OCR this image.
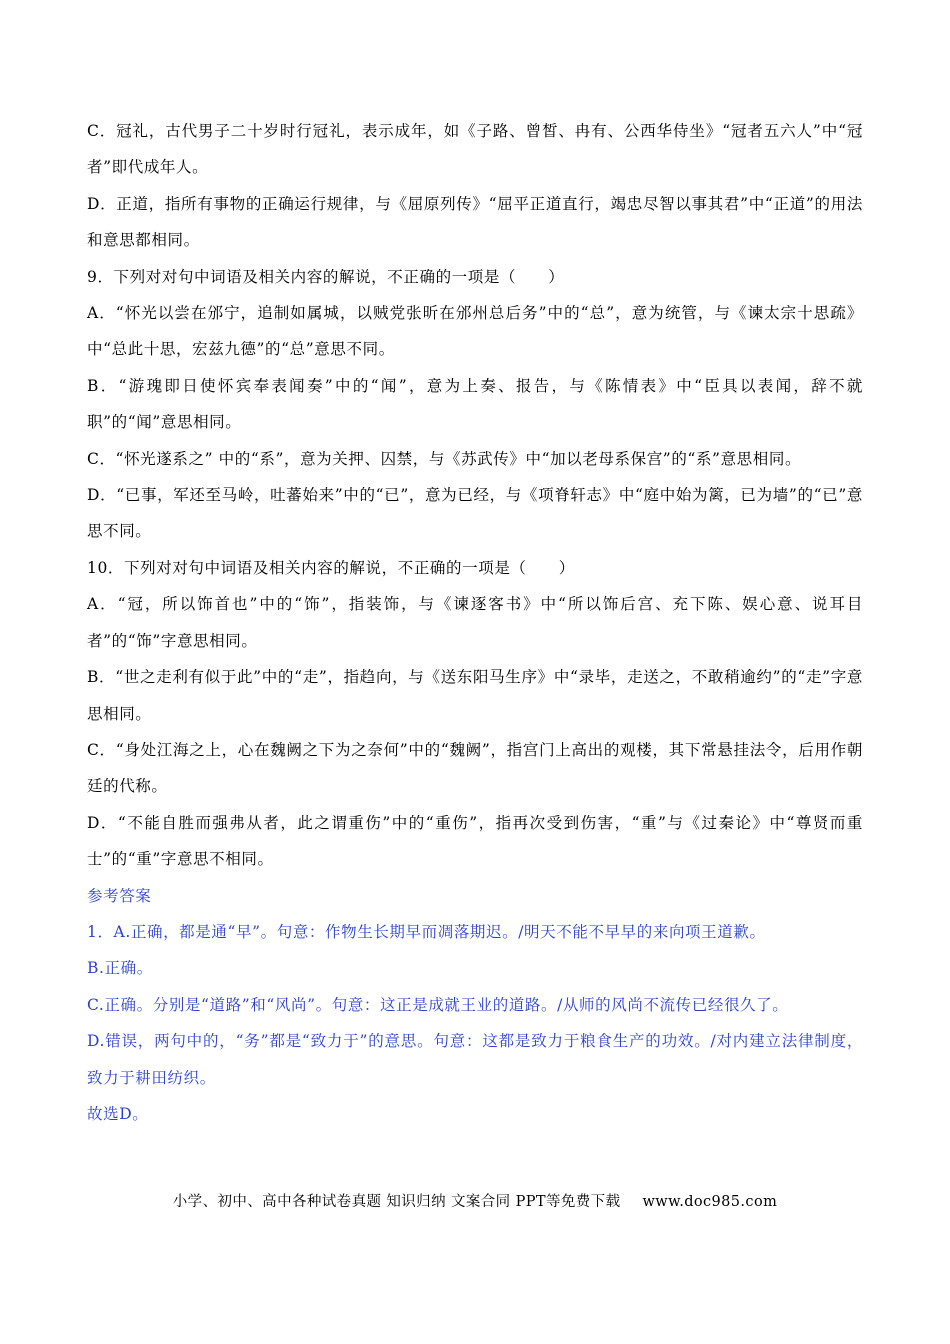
C．冠礼，古代男子二十岁时行冠礼，表示成年，如《子路、曾皙、冉有、公西华侍坐》“冠者五六人”中“冠者”即代成年人。

D．正道，指所有事物的正确运行规律，与《屈原列传》“屈平正道直行，竭忠尽智以事其君”中“正道”的用法和意思都相同。

9．下列对对句中词语及相关内容的解说，不正确的一项是（　　）

A．“怀光以尝在邠宁，追制如属城，以贼党张昕在邠州总后务”中的“总”，意为统管，与《谏太宗十思疏》中“总此十思，宏兹九德”的“总”意思不同。

B．“游瑰即日使怀宾奉表闻奏”中的“闻”，意为上奏、报告，与《陈情表》中“臣具以表闻，辞不就职”的“闻”意思相同。

C．“怀光遂系之” 中的“系”，意为关押、囚禁，与《苏武传》中“加以老母系保宫”的“系”意思相同。

D．“已事，军还至马岭，吐蕃始来”中的“已”，意为已经，与《项脊轩志》中“庭中始为篱，已为墙”的“已”意思不同。

10．下列对对句中词语及相关内容的解说，不正确的一项是（　　）

A．“冠，所以饰首也”中的“饰”，指装饰，与《谏逐客书》中“所以饰后宫、充下陈、娱心意、说耳目者”的“饰”字意思相同。

B．“世之走利有似于此”中的“走”，指趋向，与《送东阳马生序》中“录毕，走送之，不敢稍逾约”的“走”字意思相同。

C．“身处江海之上，心在魏阙之下为之奈何”中的“魏阙”，指宫门上高出的观楼，其下常悬挂法令，后用作朝廷的代称。

D．“不能自胜而强弗从者，此之谓重伤”中的“重伤”，指再次受到伤害，“重”与《过秦论》中“尊贤而重士”的“重”字意思不相同。

参考答案

1．A.正确，都是通“早”。句意：作物生长期早而凋落期迟。/明天不能不早早的来向项王道歉。

B.正确。

C.正确。分别是“道路”和“风尚”。句意：这正是成就王业的道路。/从师的风尚不流传已经很久了。

D.错误，两句中的，“务”都是“致力于”的意思。句意：这都是致力于粮食生产的功效。/对内建立法律制度，致力于耕田纺织。

故选D。

小学、初中、高中各种试卷真题 知识归纳 文案合同 PPT等免费下载 www.doc985.com
